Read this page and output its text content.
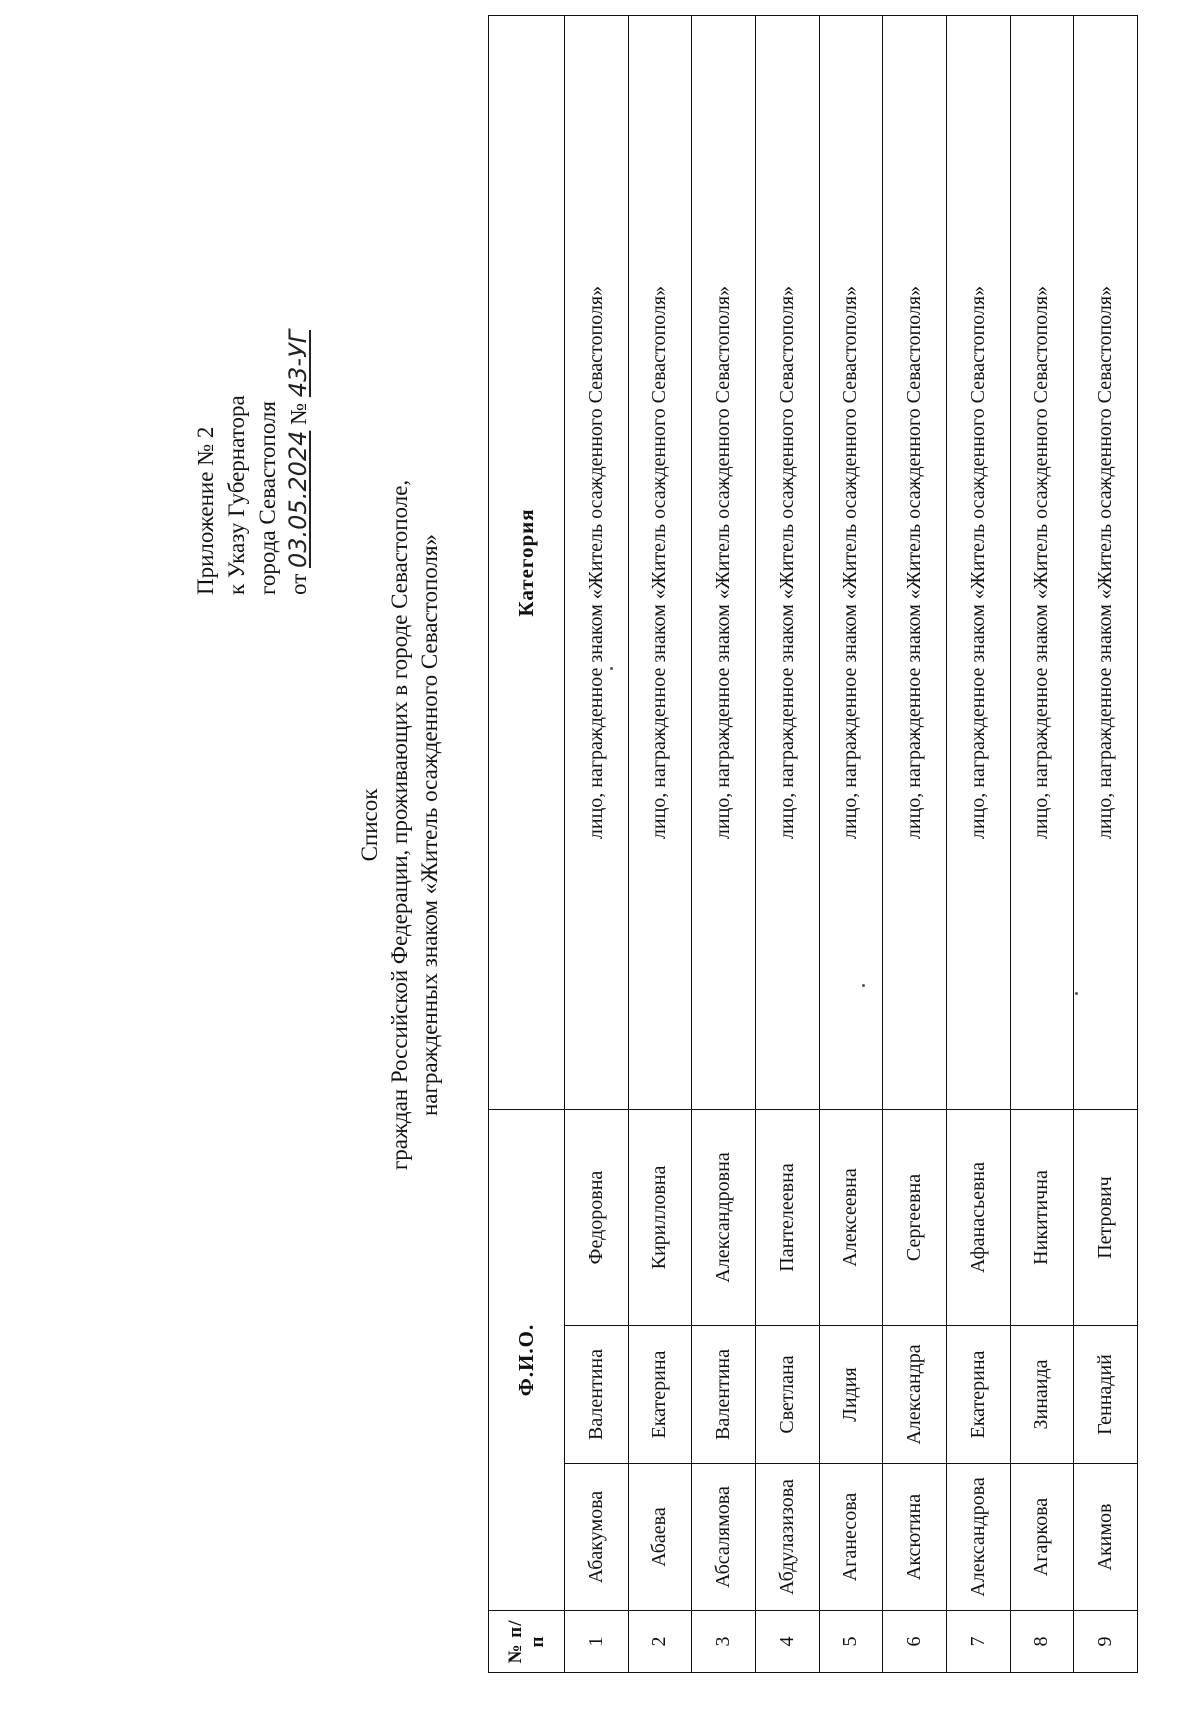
Приложение № 2 к Указу Губернатора города Севастополя от 03.05.2024 № 43-УГ
Список граждан Российской Федерации, проживающих в городе Севастополе, награжденных знаком «Житель осажденного Севастополя»
№ п/п	Ф.И.О.			Категория
1	Абакумова	Валентина	Федоровна	лицо, награжденное знаком «Житель осажденного Севастополя»
2	Абаева	Екатерина	Кирилловна	лицо, награжденное знаком «Житель осажденного Севастополя»
3	Абсалямова	Валентина	Александровна	лицо, награжденное знаком «Житель осажденного Севастополя»
4	Абдулазизова	Светлана	Пантелеевна	лицо, награжденное знаком «Житель осажденного Севастополя»
5	Аганесова	Лидия	Алексеевна	лицо, награжденное знаком «Житель осажденного Севастополя»
6	Аксютина	Александра	Сергеевна	лицо, награжденное знаком «Житель осажденного Севастополя»
7	Александрова	Екатерина	Афанасьевна	лицо, награжденное знаком «Житель осажденного Севастополя»
8	Агаркова	Зинаида	Никитична	лицо, награжденное знаком «Житель осажденного Севастополя»
9	Акимов	Геннадий	Петрович	лицо, награжденное знаком «Житель осажденного Севастополя»
